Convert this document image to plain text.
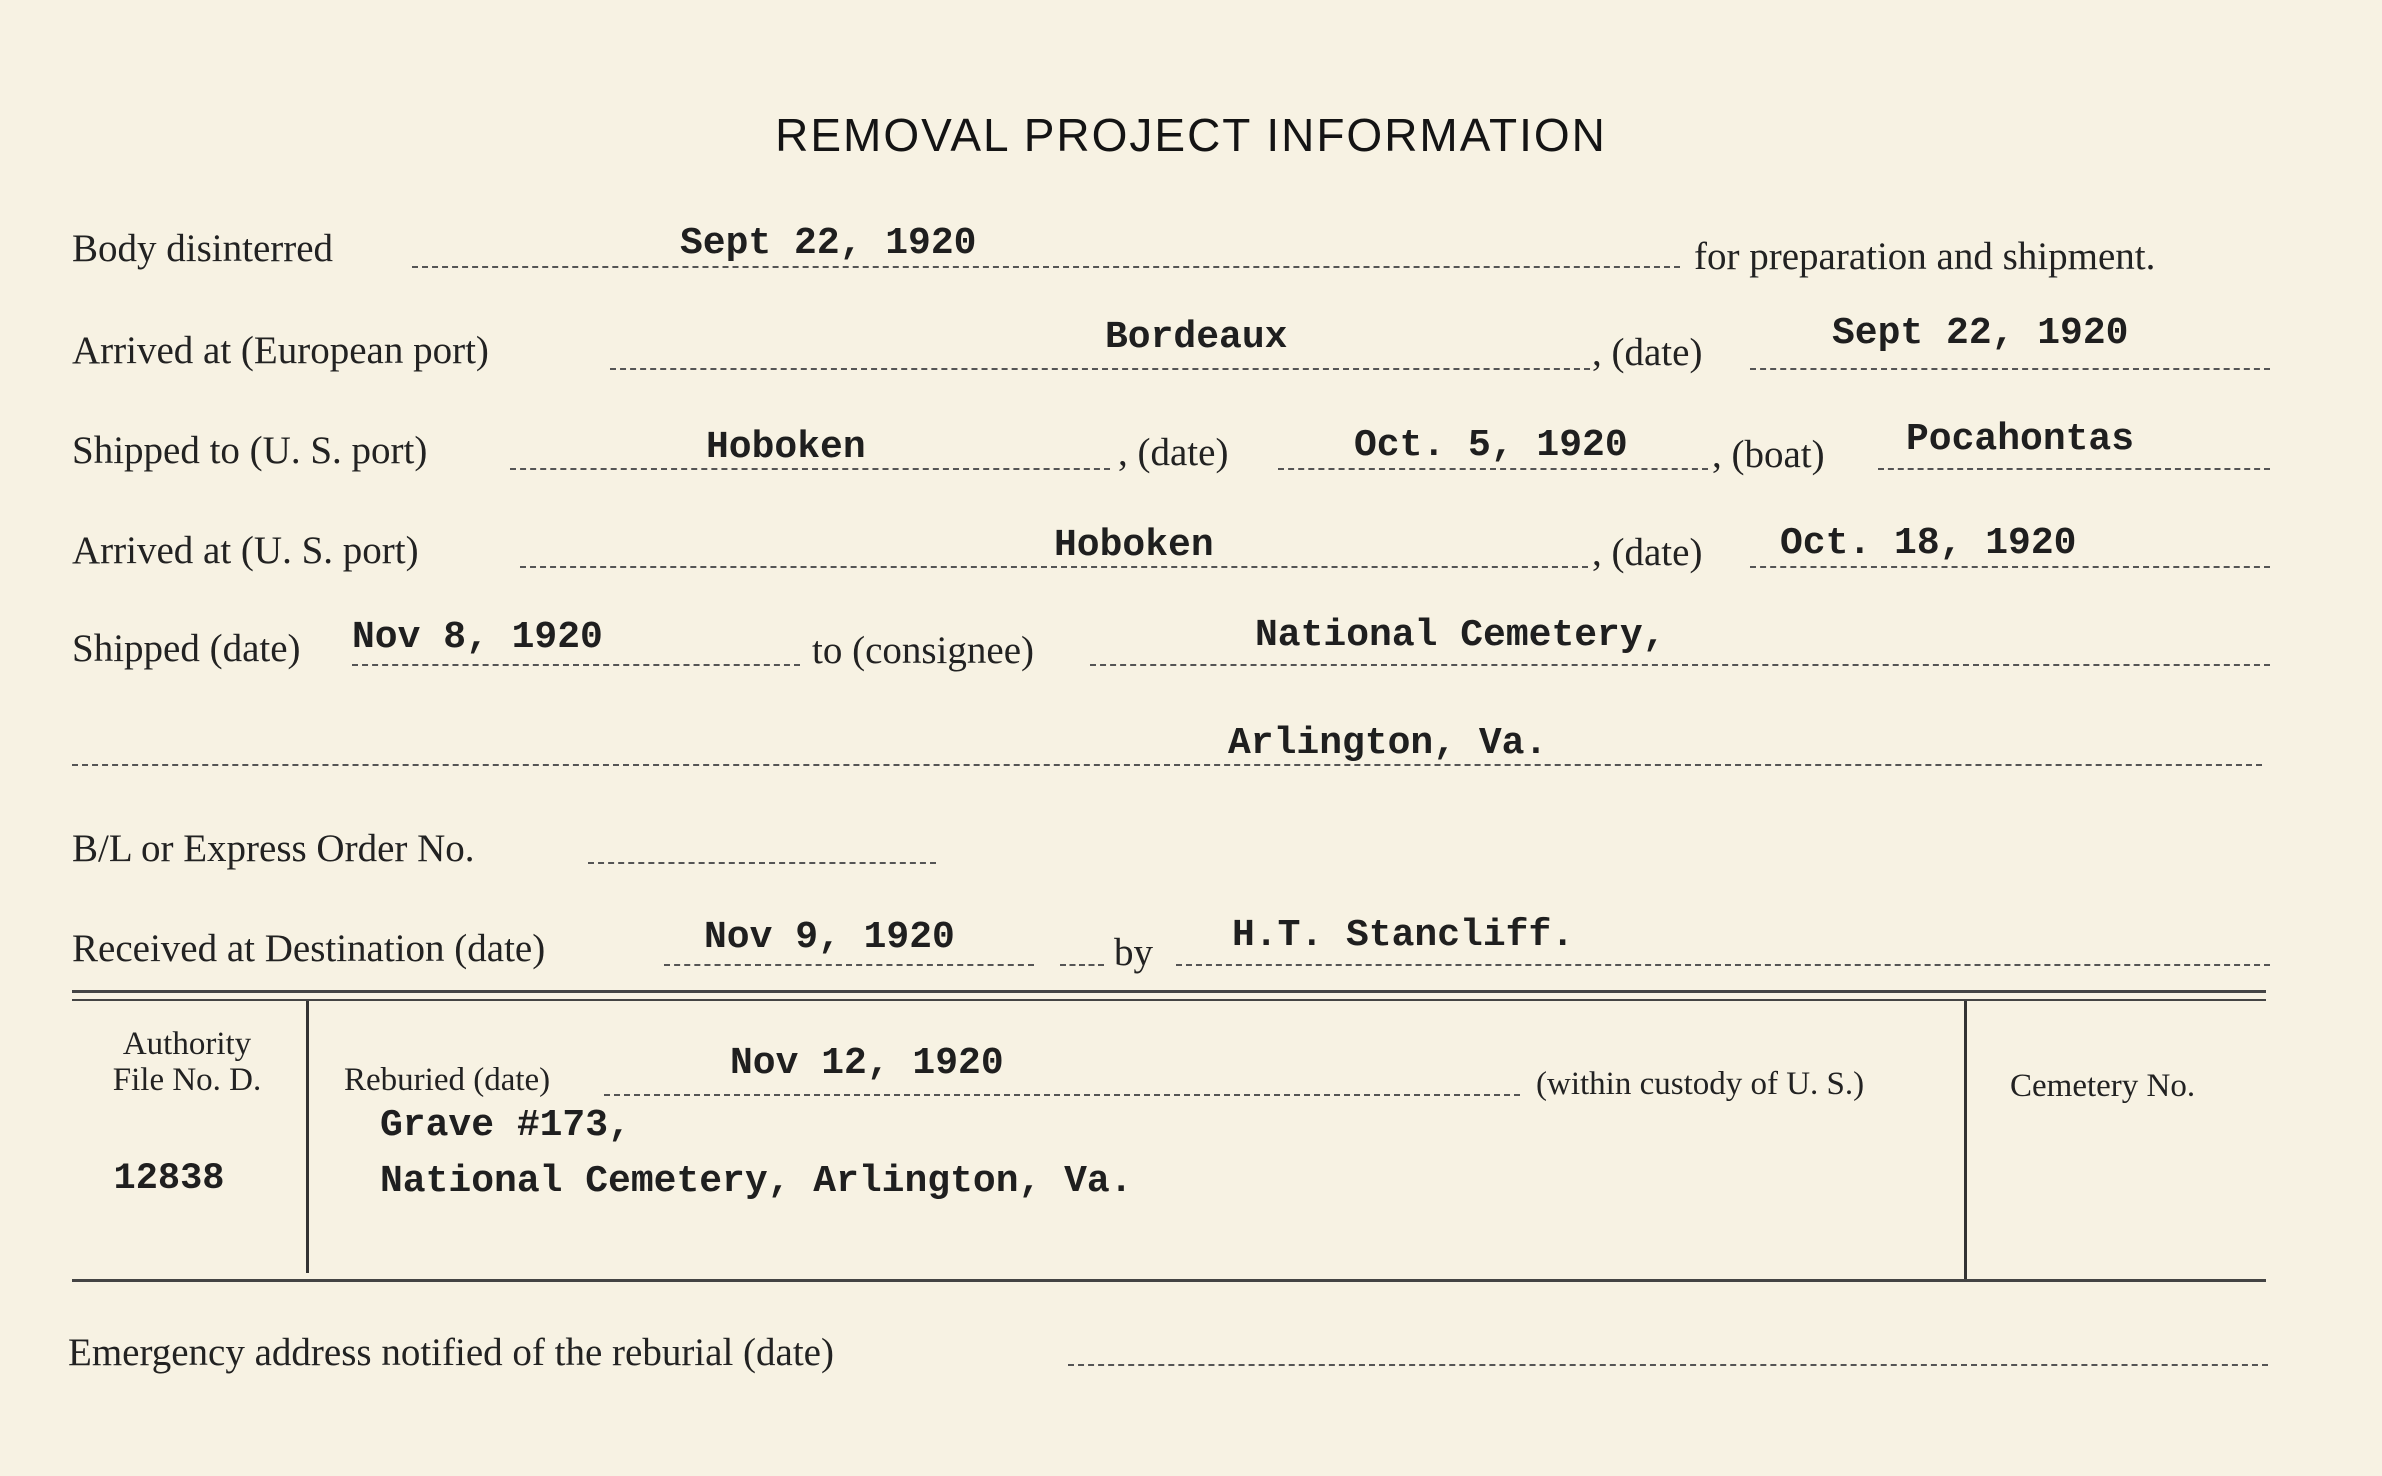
REMOVAL PROJECT INFORMATION
Body disinterred	Sept 22, 1920	for preparation and shipment.
Arrived at (European port)	Bordeaux	, (date)	Sept 22, 1920
Shipped to (U. S. port)	Hoboken	, (date)	Oct. 5, 1920 , (boat) Pocahontas
Arrived at (U. S. port)	Hoboken	, (date) Oct. 18, 1920
Shipped (date) Nov 8, 1920	to (consignee)	National Cemetery,
Arlington, Va.
B/L or Express Order No.
Received at Destination (date)	Nov 9, 1920	by H.T. Stancliff.
Authority
File No. D.
12838
Reburied (date)	Nov 12, 1920	(within custody of U. S.)
Grave #173,
National Cemetery, Arlington, Va.
Cemetery No.
Emergency address notified of the reburial (date)
